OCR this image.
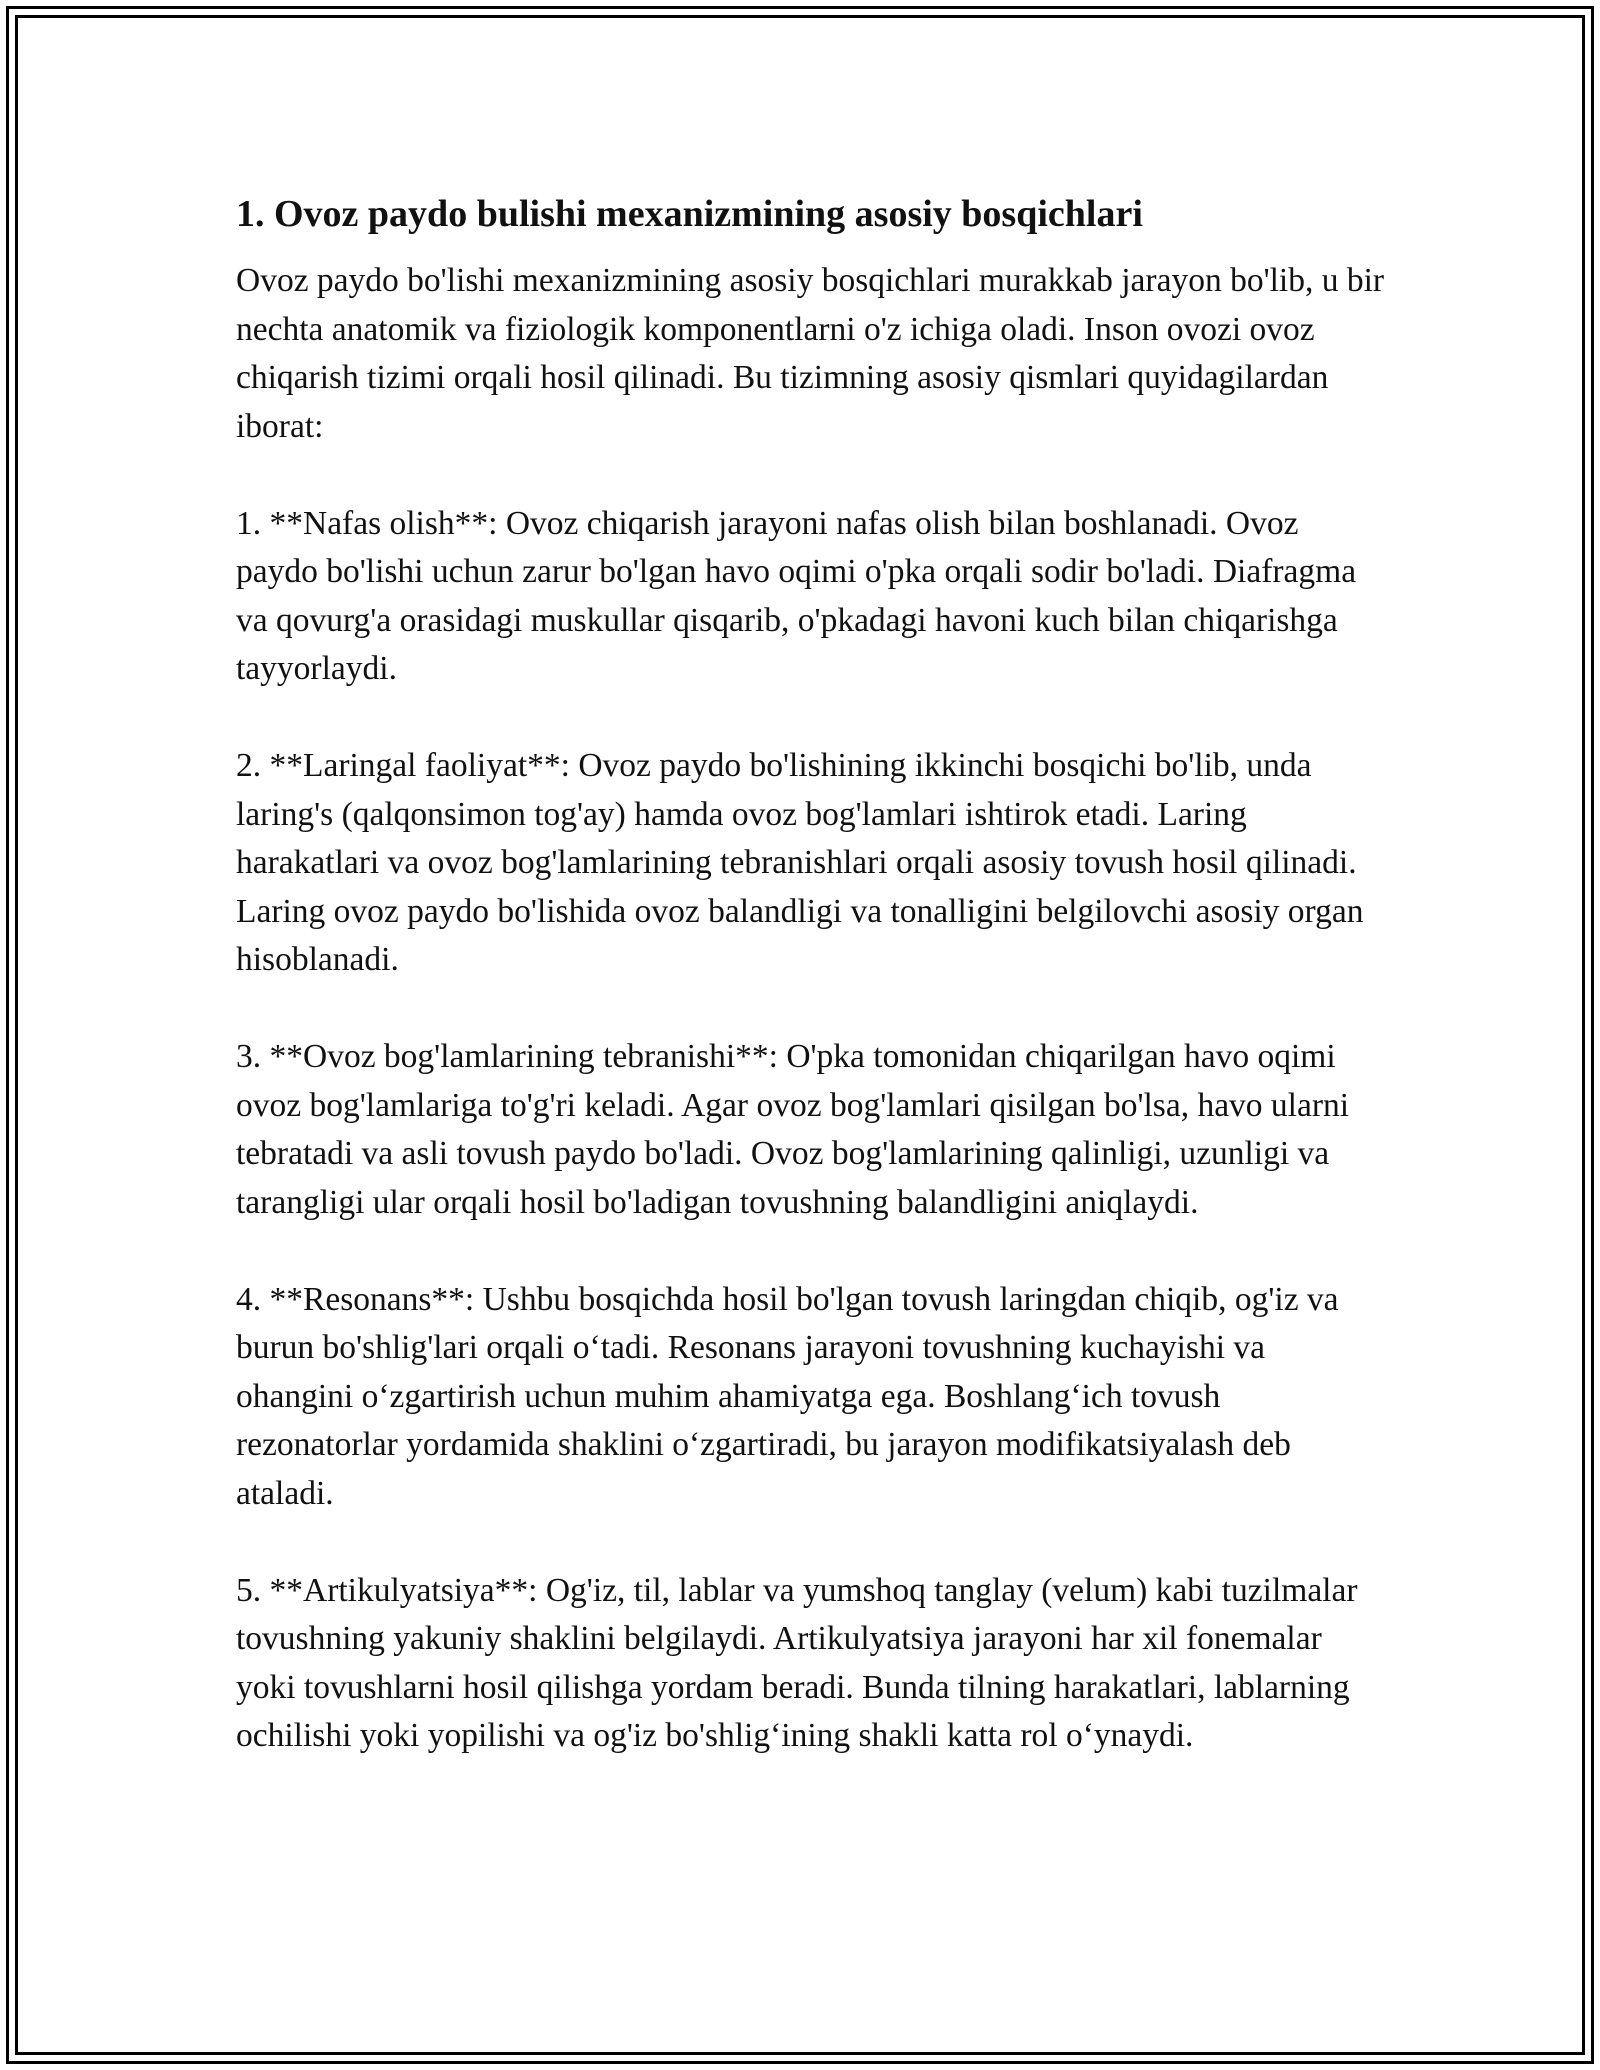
1. Ovoz paydo bulishi mexanizmining asosiy bosqichlari

Ovoz paydo bo'lishi mexanizmining asosiy bosqichlari murakkab jarayon bo'lib, u bir nechta anatomik va fiziologik komponentlarni o'z ichiga oladi. Inson ovozi ovoz chiqarish tizimi orqali hosil qilinadi. Bu tizimning asosiy qismlari quyidagilardan iborat:

1. **Nafas olish**: Ovoz chiqarish jarayoni nafas olish bilan boshlanadi. Ovoz paydo bo'lishi uchun zarur bo'lgan havo oqimi o'pka orqali sodir bo'ladi. Diafragma va qovurg'a orasidagi muskullar qisqarib, o'pkadagi havoni kuch bilan chiqarishga tayyorlaydi.

2. **Laringal faoliyat**: Ovoz paydo bo'lishining ikkinchi bosqichi bo'lib, unda laring's (qalqonsimon tog'ay) hamda ovoz bog'lamlari ishtirok etadi. Laring harakatlari va ovoz bog'lamlarining tebranishlari orqali asosiy tovush hosil qilinadi. Laring ovoz paydo bo'lishida ovoz balandligi va tonalligini belgilovchi asosiy organ hisoblanadi.

3. **Ovoz bog'lamlarining tebranishi**: O'pka tomonidan chiqarilgan havo oqimi ovoz bog'lamlariga to'g'ri keladi. Agar ovoz bog'lamlari qisilgan bo'lsa, havo ularni tebratadi va asli tovush paydo bo'ladi. Ovoz bog'lamlarining qalinligi, uzunligi va tarangligi ular orqali hosil bo'ladigan tovushning balandligini aniqlaydi.

4. **Resonans**: Ushbu bosqichda hosil bo'lgan tovush laringdan chiqib, og'iz va burun bo'shlig'lari orqali o‘tadi. Resonans jarayoni tovushning kuchayishi va ohangini o‘zgartirish uchun muhim ahamiyatga ega. Boshlang‘ich tovush rezonatorlar yordamida shaklini o‘zgartiradi, bu jarayon modifikatsiyalash deb ataladi.

5. **Artikulyatsiya**: Og'iz, til, lablar va yumshoq tanglay (velum) kabi tuzilmalar tovushning yakuniy shaklini belgilaydi. Artikulyatsiya jarayoni har xil fonemalar yoki tovushlarni hosil qilishga yordam beradi. Bunda tilning harakatlari, lablarning ochilishi yoki yopilishi va og'iz bo'shlig‘ining shakli katta rol o‘ynaydi.
